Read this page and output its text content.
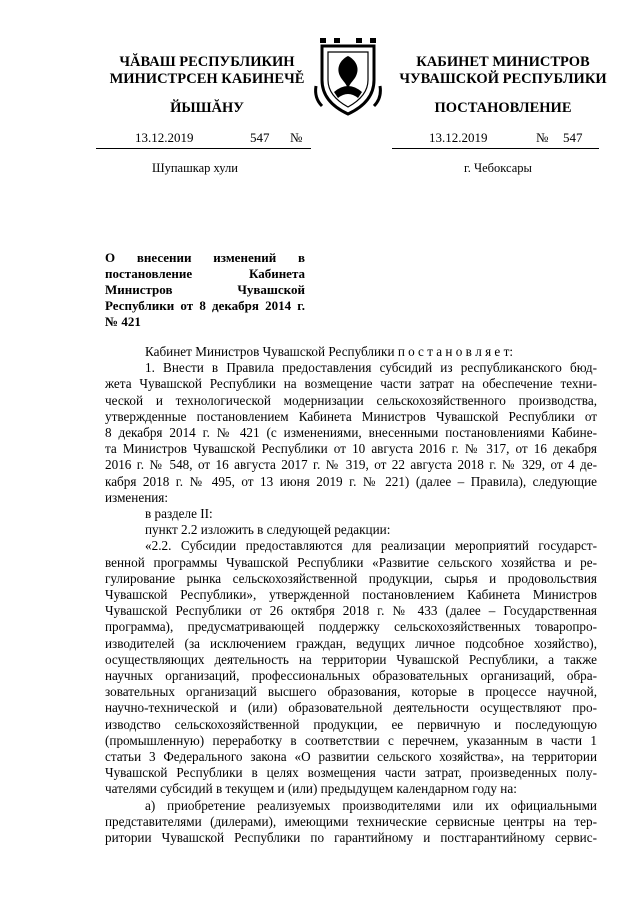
ЧĂВАШ РЕСПУБЛИКИН
МИНИСТРСЕН КАБИНЕЧĚ
ЙЫШĂНУ
КАБИНЕТ МИНИСТРОВ
ЧУВАШСКОЙ РЕСПУБЛИКИ
ПОСТАНОВЛЕНИЕ
13.12.2019	547 №	13.12.2019	№ 547
Шупашкар хули	г. Чебоксары
О внесении изменений в постановление Кабинета Министров Чувашской Республики от 8 декабря 2014 г. № 421

Кабинет Министров Чувашской Республики п о с т а н о в л я е т:

1. Внести в Правила предоставления субсидий из республиканского бюд-

жета Чувашской Республики на возмещение части затрат на обеспечение техни-

ческой и технологической модернизации сельскохозяйственного производства,

утвержденные постановлением Кабинета Министров Чувашской Республики от

8 декабря 2014 г. № 421 (с изменениями, внесенными постановлениями Кабине-

та Министров Чувашской Республики от 10 августа 2016 г. № 317, от 16 декабря

2016 г. № 548, от 16 августа 2017 г. № 319, от 22 августа 2018 г. № 329, от 4 де-

кабря 2018 г. № 495, от 13 июня 2019 г. № 221) (далее – Правила), следующие

изменения:

в разделе II:

пункт 2.2 изложить в следующей редакции:

«2.2. Субсидии предоставляются для реализации мероприятий государст-

венной программы Чувашской Республики «Развитие сельского хозяйства и ре-

гулирование рынка сельскохозяйственной продукции, сырья и продовольствия

Чувашской Республики», утвержденной постановлением Кабинета Министров

Чувашской Республики от 26 октября 2018 г. № 433 (далее – Государственная

программа), предусматривающей поддержку сельскохозяйственных товаропро-

изводителей (за исключением граждан, ведущих личное подсобное хозяйство),

осуществляющих деятельность на территории Чувашской Республики, а также

научных организаций, профессиональных образовательных организаций, обра-

зовательных организаций высшего образования, которые в процессе научной,

научно-технической и (или) образовательной деятельности осуществляют про-

изводство сельскохозяйственной продукции, ее первичную и последующую

(промышленную) переработку в соответствии с перечнем, указанным в части 1

статьи 3 Федерального закона «О развитии сельского хозяйства», на территории

Чувашской Республики в целях возмещения части затрат, произведенных полу-

чателями субсидий в текущем и (или) предыдущем календарном году на:

а) приобретение реализуемых производителями или их официальными

представителями (дилерами), имеющими технические сервисные центры на тер-

ритории Чувашской Республики по гарантийному и постгарантийному сервис-
